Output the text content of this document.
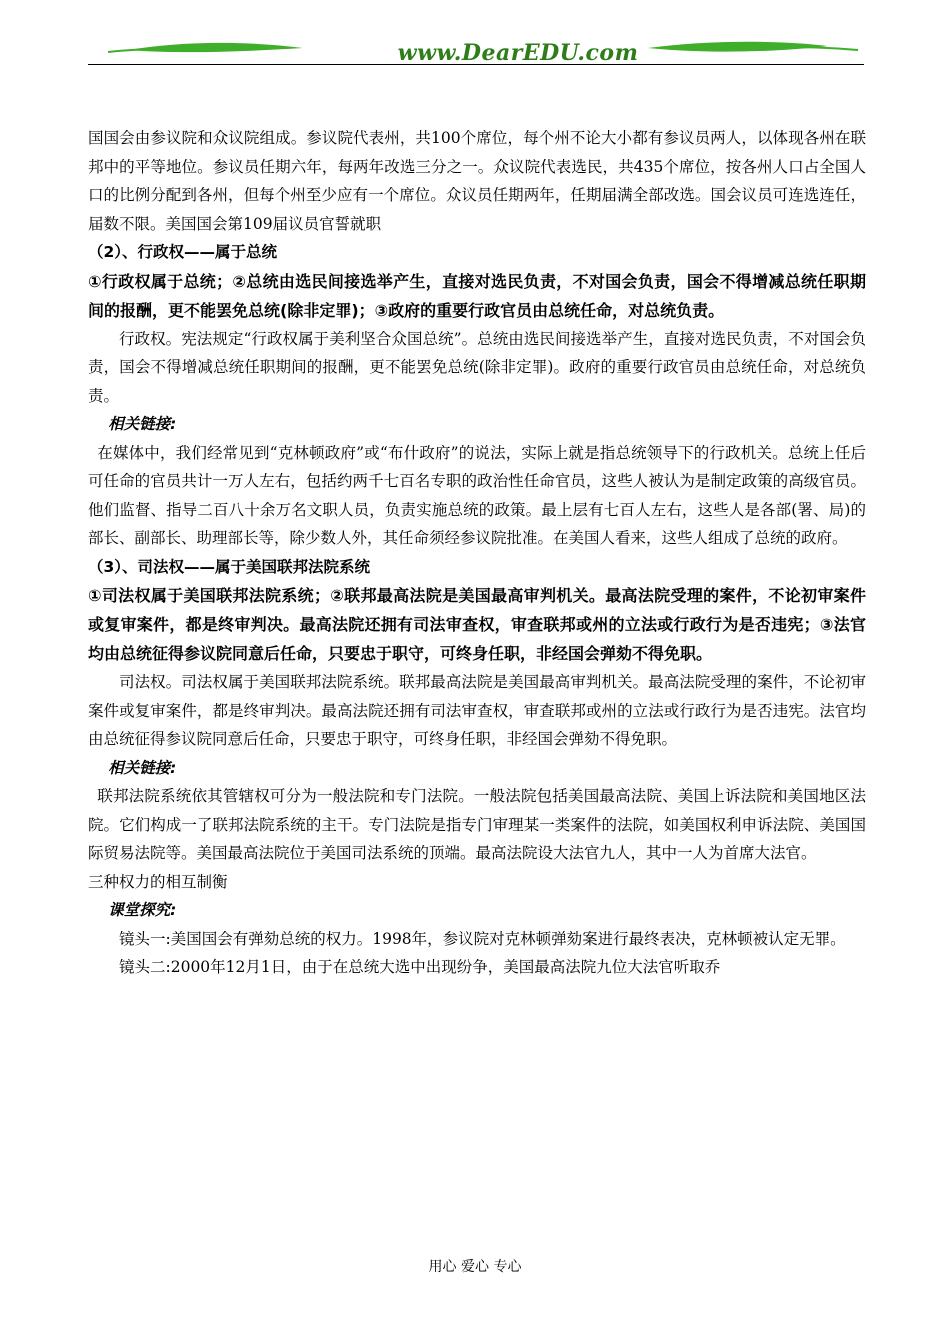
www.DearEDU.com

国国会由参议院和众议院组成。参议院代表州，共100个席位，每个州不论大小都有参议员两人，以体现各州在联邦中的平等地位。参议员任期六年，每两年改选三分之一。众议院代表选民，共435个席位，按各州人口占全国人口的比例分配到各州，但每个州至少应有一个席位。众议员任期两年，任期届满全部改选。国会议员可连选连任，届数不限。美国国会第109届议员官誓就职

（2）、行政权——属于总统

①行政权属于总统；②总统由选民间接选举产生，直接对选民负责，不对国会负责，国会不得增减总统任职期间的报酬，更不能罢免总统(除非定罪)；③政府的重要行政官员由总统任命，对总统负责。

行政权。宪法规定“行政权属于美利坚合众国总统”。总统由选民间接选举产生，直接对选民负责，不对国会负责，国会不得增减总统任职期间的报酬，更不能罢免总统(除非定罪)。政府的重要行政官员由总统任命，对总统负责。

相关链接:

在媒体中，我们经常见到“克林顿政府”或“布什政府”的说法，实际上就是指总统领导下的行政机关。总统上任后可任命的官员共计一万人左右，包括约两千七百名专职的政治性任命官员，这些人被认为是制定政策的高级官员。他们监督、指导二百八十余万名文职人员，负责实施总统的政策。最上层有七百人左右，这些人是各部(署、局)的部长、副部长、助理部长等，除少数人外，其任命须经参议院批准。在美国人看来，这些人组成了总统的政府。

（3）、司法权——属于美国联邦法院系统

①司法权属于美国联邦法院系统；②联邦最高法院是美国最高审判机关。最高法院受理的案件，不论初审案件或复审案件，都是终审判决。最高法院还拥有司法审查权，审查联邦或州的立法或行政行为是否违宪；③法官均由总统征得参议院同意后任命，只要忠于职守，可终身任职，非经国会弹劾不得免职。

司法权。司法权属于美国联邦法院系统。联邦最高法院是美国最高审判机关。最高法院受理的案件，不论初审案件或复审案件，都是终审判决。最高法院还拥有司法审查权，审查联邦或州的立法或行政行为是否违宪。法官均由总统征得参议院同意后任命，只要忠于职守，可终身任职，非经国会弹劾不得免职。

相关链接:

联邦法院系统依其管辖权可分为一般法院和专门法院。一般法院包括美国最高法院、美国上诉法院和美国地区法院。它们构成一了联邦法院系统的主干。专门法院是指专门审理某一类案件的法院，如美国权利申诉法院、美国国际贸易法院等。美国最高法院位于美国司法系统的顶端。最高法院设大法官九人，其中一人为首席大法官。

三种权力的相互制衡

课堂探究:

镜头一:美国国会有弹劾总统的权力。1998年，参议院对克林顿弹劾案进行最终表决，克林顿被认定无罪。

镜头二:2000年12月1日，由于在总统大选中出现纷争，美国最高法院九位大法官听取乔

用心 爱心 专心
